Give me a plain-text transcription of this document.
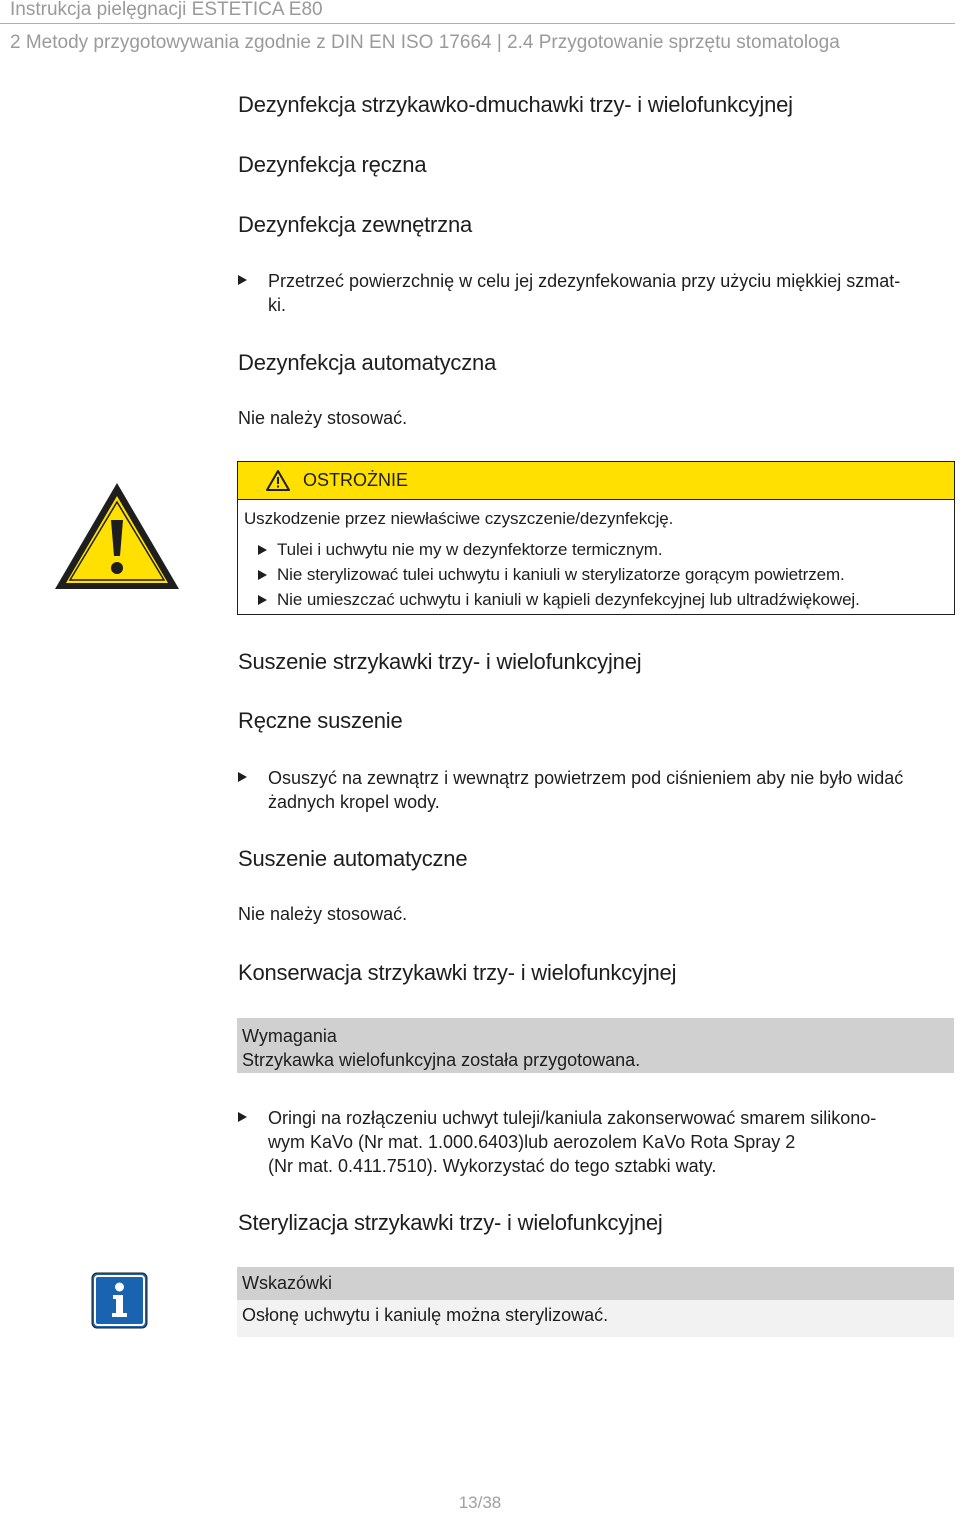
Instrukcja pielęgnacji ESTETICA E80
2 Metody przygotowywania zgodnie z DIN EN ISO 17664 | 2.4 Przygotowanie sprzętu stomatologa
Dezynfekcja strzykawko-dmuchawki trzy- i wielofunkcyjnej
Dezynfekcja ręczna
Dezynfekcja zewnętrzna
Przetrzeć powierzchnię w celu jej zdezynfekowania przy użyciu miękkiej szmat-
ki.
Dezynfekcja automatyczna
Nie należy stosować.
OSTROŻNIE
Uszkodzenie przez niewłaściwe czyszczenie/dezynfekcję.
Tulei i uchwytu nie my w dezynfektorze termicznym.
Nie sterylizować tulei uchwytu i kaniuli w sterylizatorze gorącym powietrzem.
Nie umieszczać uchwytu i kaniuli w kąpieli dezynfekcyjnej lub ultradźwiękowej.
Suszenie strzykawki trzy- i wielofunkcyjnej
Ręczne suszenie
Osuszyć na zewnątrz i wewnątrz powietrzem pod ciśnieniem aby nie było widać
żadnych kropel wody.
Suszenie automatyczne
Nie należy stosować.
Konserwacja strzykawki trzy- i wielofunkcyjnej
Wymagania
Strzykawka wielofunkcyjna została przygotowana.
Oringi na rozłączeniu uchwyt tuleji/kaniula zakonserwować smarem silikono-
wym KaVo (Nr mat. 1.000.6403)lub aerozolem KaVo Rota Spray 2
(Nr mat. 0.411.7510). Wykorzystać do tego sztabki waty.
Sterylizacja strzykawki trzy- i wielofunkcyjnej
Wskazówki
Osłonę uchwytu i kaniulę można sterylizować.
13/38
